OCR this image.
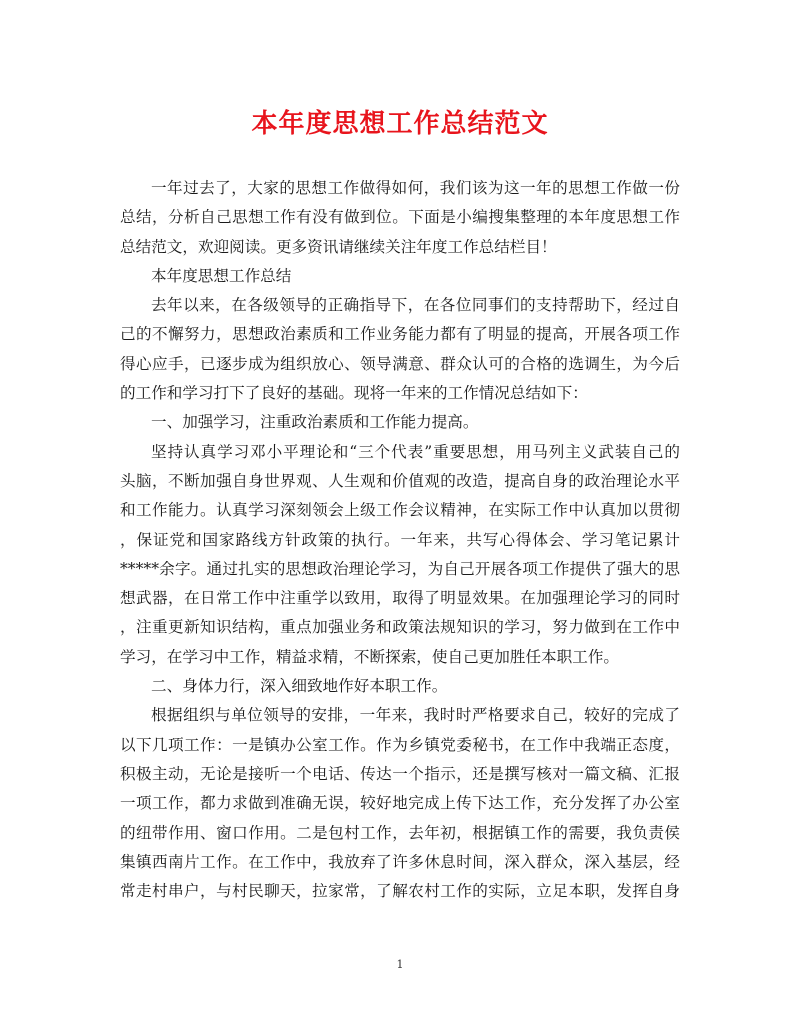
本年度思想工作总结范文
一年过去了，大家的思想工作做得如何，我们该为这一年的思想工作做一份
总结，分析自己思想工作有没有做到位。下面是小编搜集整理的本年度思想工作
总结范文，欢迎阅读。更多资讯请继续关注年度工作总结栏目！
本年度思想工作总结
去年以来，在各级领导的正确指导下，在各位同事们的支持帮助下，经过自
己的不懈努力，思想政治素质和工作业务能力都有了明显的提高，开展各项工作
得心应手，已逐步成为组织放心、领导满意、群众认可的合格的选调生，为今后
的工作和学习打下了良好的基础。现将一年来的工作情况总结如下：
一、加强学习，注重政治素质和工作能力提高。
坚持认真学习邓小平理论和“三个代表”重要思想，用马列主义武装自己的
头脑，不断加强自身世界观、人生观和价值观的改造，提高自身的政治理论水平
和工作能力。认真学习深刻领会上级工作会议精神，在实际工作中认真加以贯彻
，保证党和国家路线方针政策的执行。一年来，共写心得体会、学习笔记累计
*****余字。通过扎实的思想政治理论学习，为自己开展各项工作提供了强大的思
想武器，在日常工作中注重学以致用，取得了明显效果。在加强理论学习的同时
，注重更新知识结构，重点加强业务和政策法规知识的学习，努力做到在工作中
学习，在学习中工作，精益求精，不断探索，使自己更加胜任本职工作。
二、身体力行，深入细致地作好本职工作。
根据组织与单位领导的安排，一年来，我时时严格要求自己，较好的完成了
以下几项工作：一是镇办公室工作。作为乡镇党委秘书，在工作中我端正态度，
积极主动，无论是接听一个电话、传达一个指示，还是撰写核对一篇文稿、汇报
一项工作，都力求做到准确无误，较好地完成上传下达工作，充分发挥了办公室
的纽带作用、窗口作用。二是包村工作，去年初，根据镇工作的需要，我负责侯
集镇西南片工作。在工作中，我放弃了许多休息时间，深入群众，深入基层，经
常走村串户，与村民聊天，拉家常，了解农村工作的实际，立足本职，发挥自身
1
